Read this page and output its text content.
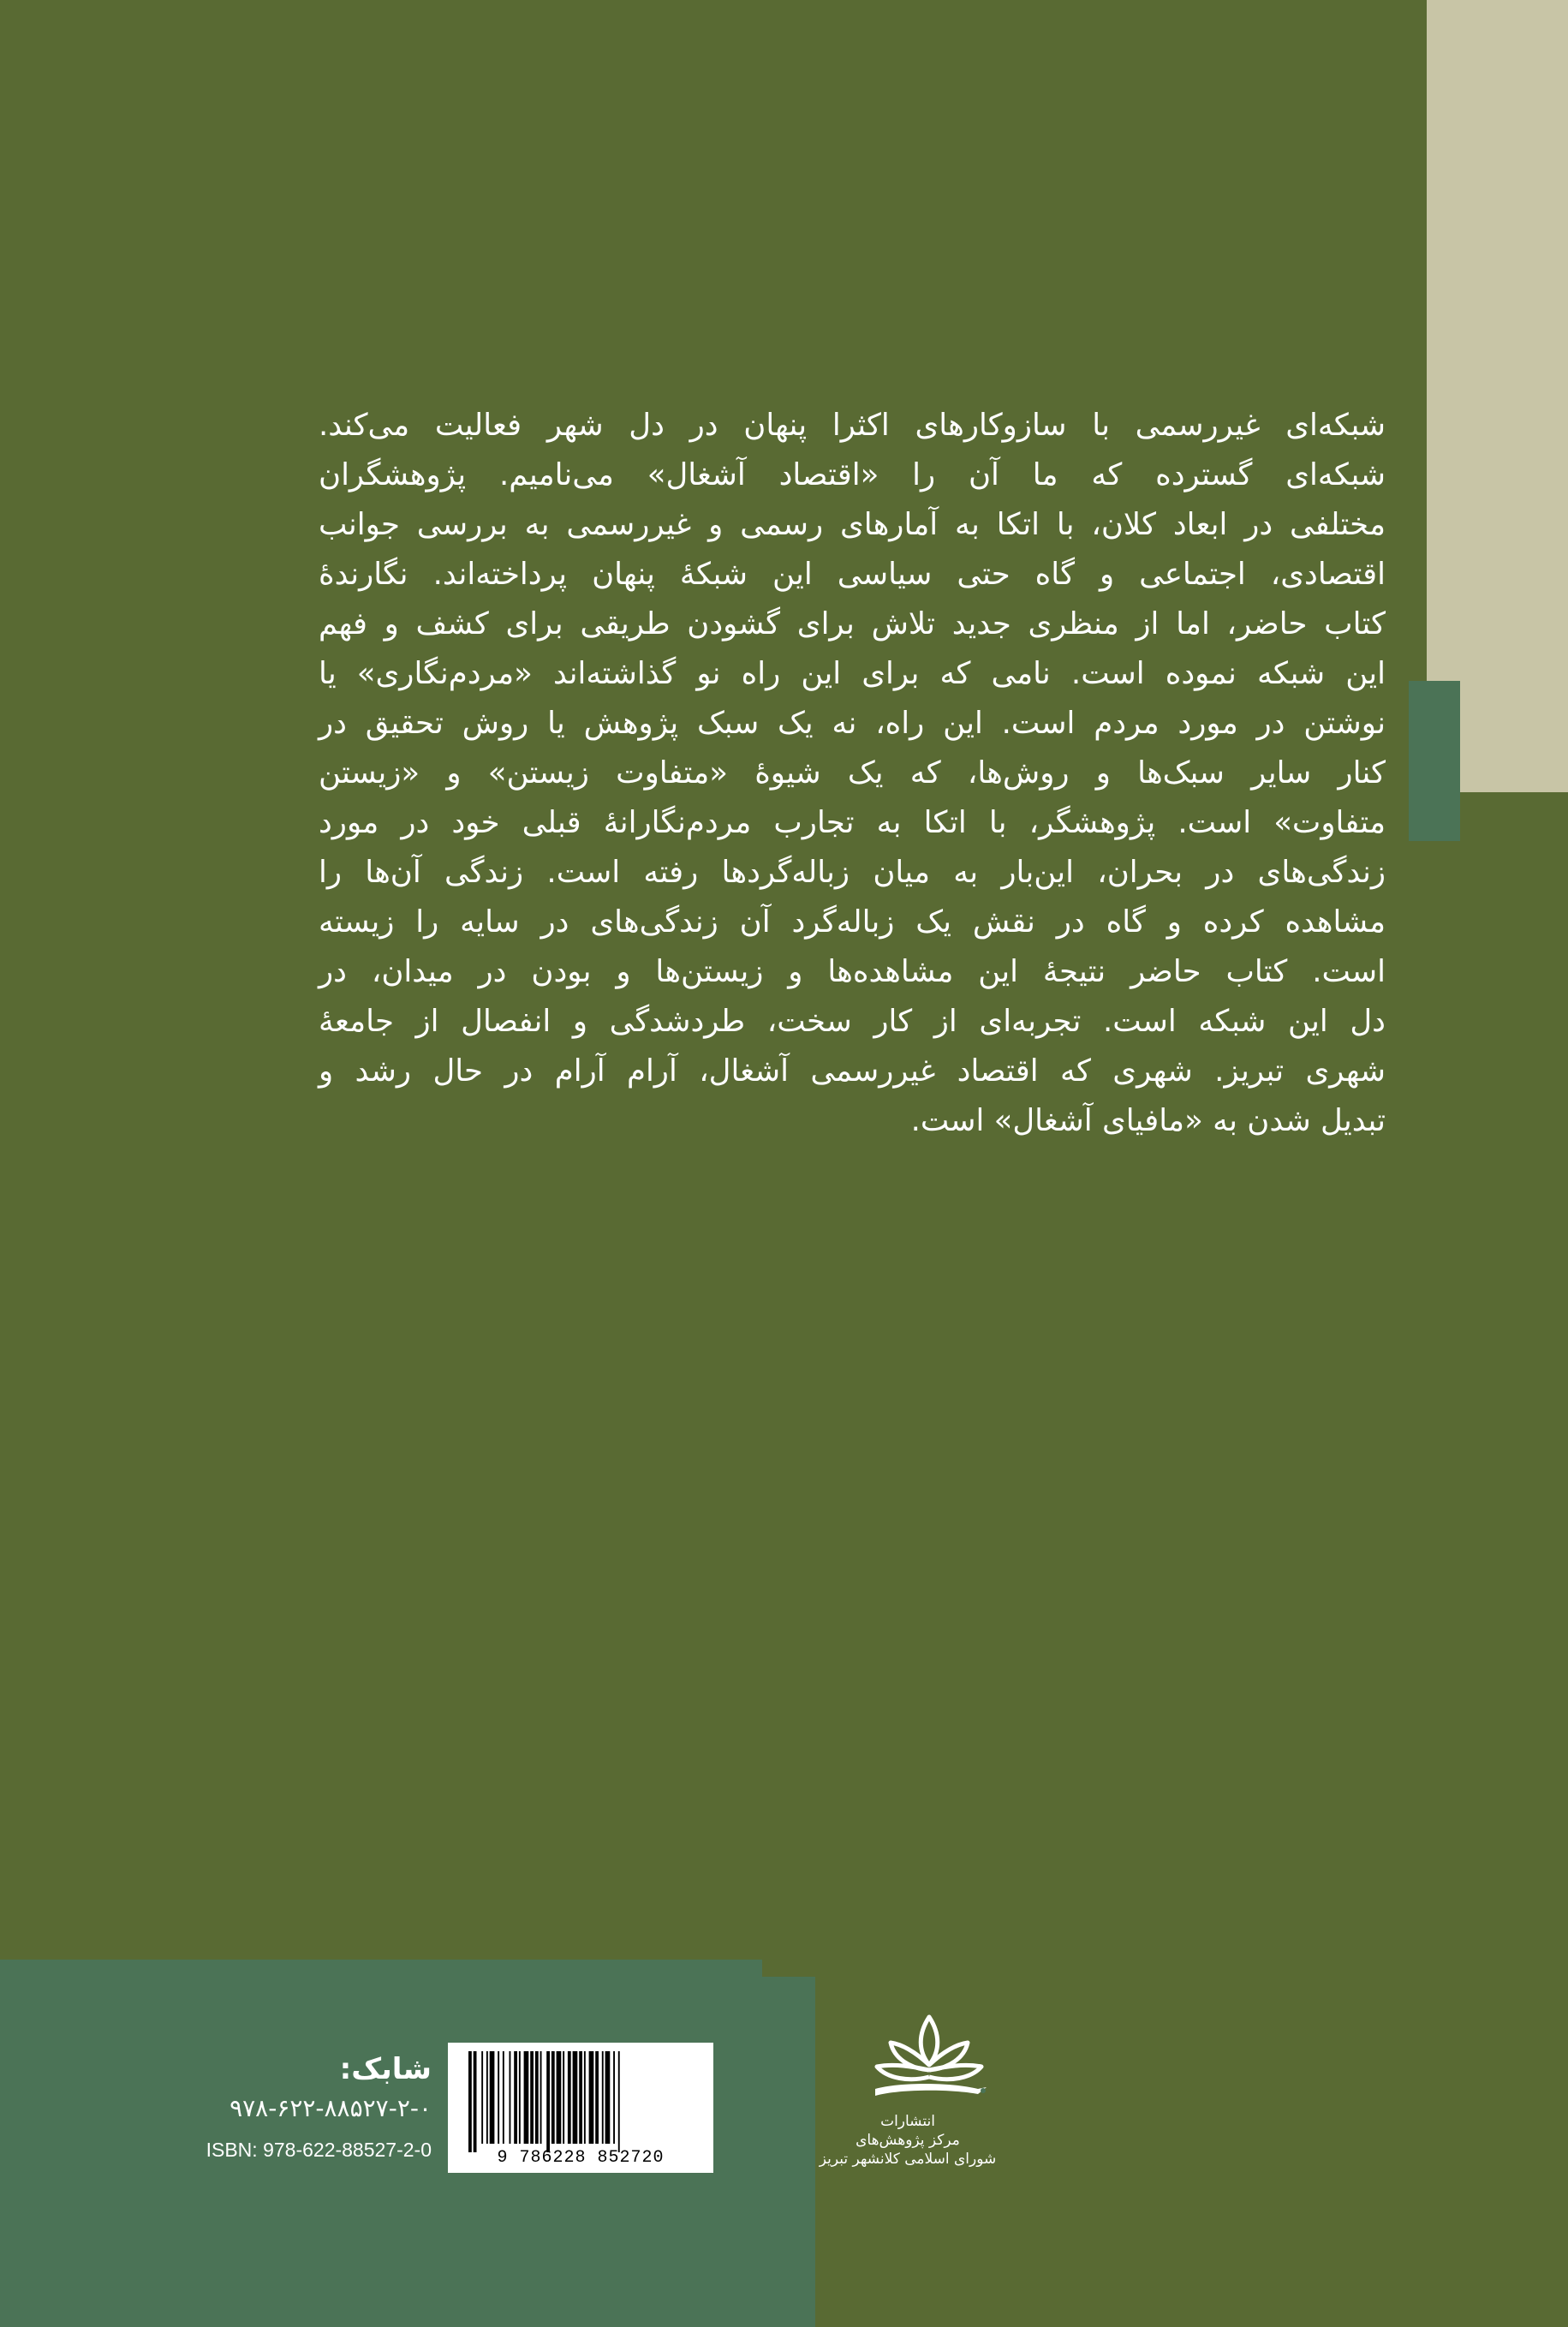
شبکه‌ای غیررسمی با سازوکارهای اکثرا پنهان در دل شهر فعالیت می‌کند.
شبکه‌ای گسترده که ما آن را «اقتصاد آشغال» می‌نامیم. پژوهشگران
مختلفی در ابعاد کلان، با اتکا به آمارهای رسمی و غیررسمی به بررسی جوانب
اقتصادی، اجتماعی و گاه حتی سیاسی این شبکهٔ پنهان پرداخته‌اند. نگارندهٔ
کتاب حاضر، اما از منظری جدید تلاش برای گشودن طریقی برای کشف و فهم
این شبکه نموده است. نامی که برای این راه نو گذاشته‌اند «مردم‌نگاری» یا
نوشتن در مورد مردم است. این راه، نه یک سبک پژوهش یا روش تحقیق در
کنار سایر سبک‌ها و روش‌ها، که یک شیوهٔ «متفاوت زیستن» و «زیستن
متفاوت» است. پژوهشگر، با اتکا به تجارب مردم‌نگارانهٔ قبلی خود در مورد
زندگی‌های در بحران، این‌بار به میان زباله‌گردها رفته است. زندگی آن‌ها را
مشاهده کرده و گاه در نقش یک زباله‌گرد آن زندگی‌های در سایه را زیسته
است. کتاب حاضر نتیجهٔ این مشاهده‌ها و زیستن‌ها و بودن در میدان، در
دل این شبکه است. تجربه‌ای از کار سخت، طردشدگی و انفصال از جامعهٔ
شهری تبریز. شهری که اقتصاد غیررسمی آشغال، آرام آرام در حال رشد و
تبدیل شدن به «مافیای آشغال» است.
شابک:
۹۷۸-۶۲۲-۸۸۵۲۷-۲-۰
ISBN: 978-622-88527-2-0	9 786228 852720
انتشارات
مرکز پژوهش‌های
شورای اسلامی کلانشهر تبریز
